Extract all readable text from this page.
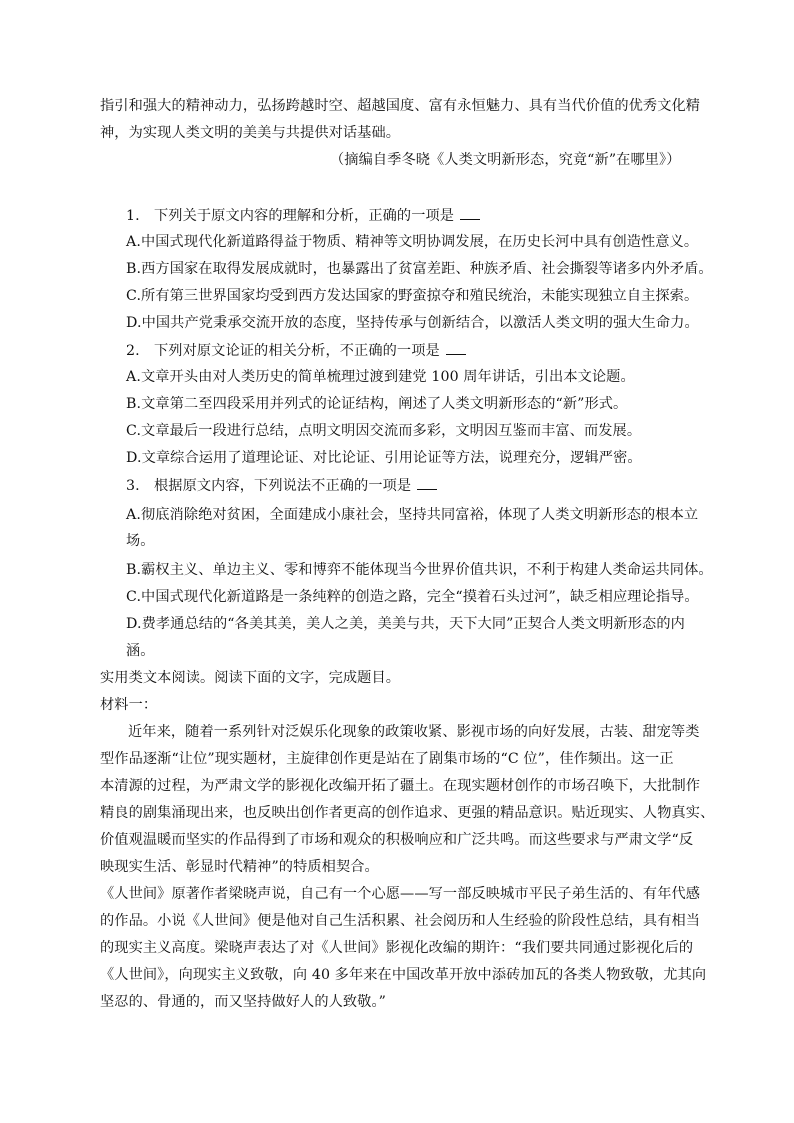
指引和强大的精神动力，弘扬跨越时空、超越国度、富有永恒魅力、具有当代价值的优秀文化精
神，为实现人类文明的美美与共提供对话基础。
（摘编自季冬晓《人类文明新形态，究竟“新”在哪里》）
1.　下列关于原文内容的理解和分析，正确的一项是
A.中国式现代化新道路得益于物质、精神等文明协调发展，在历史长河中具有创造性意义。
B.西方国家在取得发展成就时，也暴露出了贫富差距、种族矛盾、社会撕裂等诸多内外矛盾。
C.所有第三世界国家均受到西方发达国家的野蛮掠夺和殖民统治，未能实现独立自主探索。
D.中国共产党秉承交流开放的态度，坚持传承与创新结合，以激活人类文明的强大生命力。
2.　下列对原文论证的相关分析，不正确的一项是
A.文章开头由对人类历史的简单梳理过渡到建党 100 周年讲话，引出本文论题。
B.文章第二至四段采用并列式的论证结构，阐述了人类文明新形态的“新”形式。
C.文章最后一段进行总结，点明文明因交流而多彩，文明因互鉴而丰富、而发展。
D.文章综合运用了道理论证、对比论证、引用论证等方法，说理充分，逻辑严密。
3.　根据原文内容，下列说法不正确的一项是
A.彻底消除绝对贫困，全面建成小康社会，坚持共同富裕，体现了人类文明新形态的根本立
场。
B.霸权主义、单边主义、零和博弈不能体现当今世界价值共识，不利于构建人类命运共同体。
C.中国式现代化新道路是一条纯粹的创造之路，完全“摸着石头过河”，缺乏相应理论指导。
D.费孝通总结的“各美其美，美人之美，美美与共，天下大同”正契合人类文明新形态的内
涵。
实用类文本阅读。阅读下面的文字，完成题目。
材料一：
近年来，随着一系列针对泛娱乐化现象的政策收紧、影视市场的向好发展，古装、甜宠等类
型作品逐渐“让位”现实题材，主旋律创作更是站在了剧集市场的“C 位”，佳作频出。这一正
本清源的过程，为严肃文学的影视化改编开拓了疆土。在现实题材创作的市场召唤下，大批制作
精良的剧集涌现出来，也反映出创作者更高的创作追求、更强的精品意识。贴近现实、人物真实、
价值观温暖而坚实的作品得到了市场和观众的积极响应和广泛共鸣。而这些要求与严肃文学“反
映现实生活、彰显时代精神”的特质相契合。
《人世间》原著作者梁晓声说，自己有一个心愿——写一部反映城市平民子弟生活的、有年代感
的作品。小说《人世间》便是他对自己生活积累、社会阅历和人生经验的阶段性总结，具有相当
的现实主义高度。梁晓声表达了对《人世间》影视化改编的期许：“我们要共同通过影视化后的
《人世间》，向现实主义致敬，向 40 多年来在中国改革开放中添砖加瓦的各类人物致敬，尤其向
坚忍的、骨通的，而又坚持做好人的人致敬。”
